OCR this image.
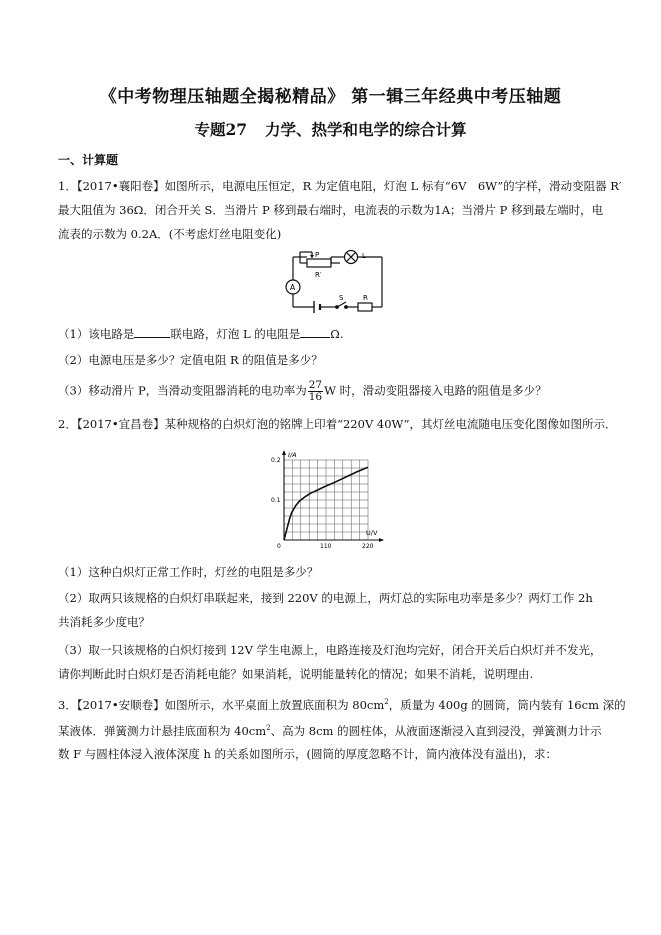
《中考物理压轴题全揭秘精品》 第一辑三年经典中考压轴题
专题27 力学、热学和电学的综合计算
一、计算题
1．【2017•襄阳卷】如图所示，电源电压恒定，R 为定值电阻，灯泡 L 标有“6V　6W”的字样，滑动变阻器 R′
最大阻值为 36Ω．闭合开关 S．当滑片 P 移到最右端时，电流表的示数为1A；当滑片 P 移到最左端时，电
流表的示数为 0.2A．(不考虑灯丝电阻变化)
P	L
R′
A
S	R
（1）该电路是	联电路，灯泡 L 的电阻是	Ω.
（2）电源电压是多少？定值电阻 R 的阻值是多少？
（3）移动滑片 P，当滑动变阻器消耗的电功率为 $\frac{27}{16}$ W 时，滑动变阻器接入电路的阻值是多少？
2．【2017•宜昌卷】某种规格的白炽灯泡的铭牌上印着“220V 40W”，其灯丝电流随电压变化图像如图所示．
0	110	220
0.1
0.2
I/A
U/V
（1）这种白炽灯正常工作时，灯丝的电阻是多少？
（2）取两只该规格的白炽灯串联起来，接到 220V 的电源上，两灯总的实际电功率是多少？两灯工作 2h
共消耗多少度电？
（3）取一只该规格的白炽灯接到 12V 学生电源上，电路连接及灯泡均完好，闭合开关后白炽灯并不发光，
请你判断此时白炽灯是否消耗电能？如果消耗，说明能量转化的情况；如果不消耗，说明理由.
3．【2017•安顺卷】如图所示，水平桌面上放置底面积为 $80cm^2$，质量为 400g 的圆筒，筒内装有 16cm 深的
某液体．弹簧测力计悬挂底面积为 $40cm^2$、高为 8cm 的圆柱体，从液面逐渐浸入直到浸没，弹簧测力计示
数 F 与圆柱体浸入液体深度 h 的关系如图所示，(圆筒的厚度忽略不计，筒内液体没有溢出)，求：
